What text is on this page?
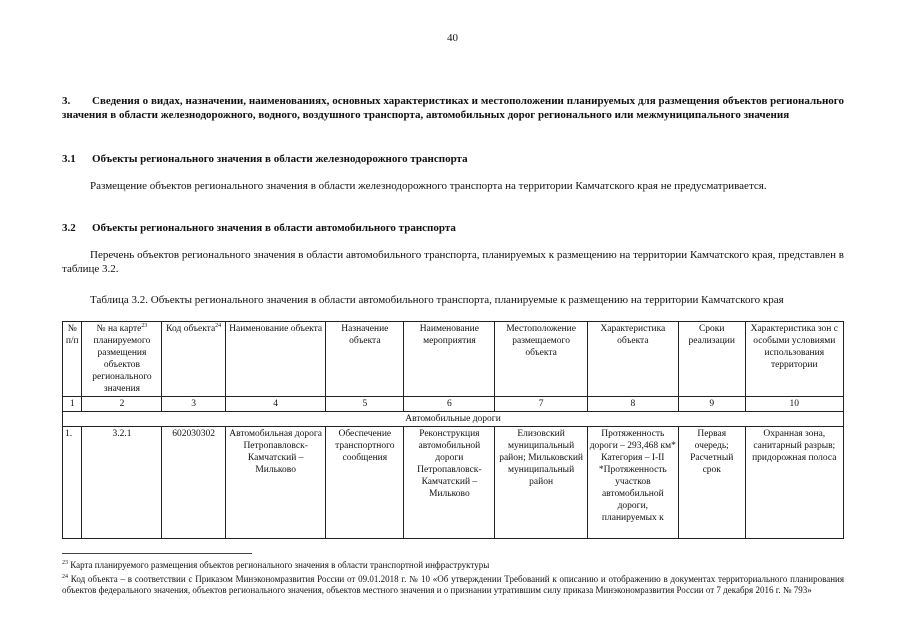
40
3. Сведения о видах, назначении, наименованиях, основных характеристиках и местоположении планируемых для размещения объектов регионального значения в области железнодорожного, водного, воздушного транспорта, автомобильных дорог регионального или межмуниципального значения
3.1 Объекты регионального значения в области железнодорожного транспорта
Размещение объектов регионального значения в области железнодорожного транспорта на территории Камчатского края не предусматривается.
3.2 Объекты регионального значения в области автомобильного транспорта
Перечень объектов регионального значения в области автомобильного транспорта, планируемых к размещению на территории Камчатского края, представлен в таблице 3.2.
Таблица 3.2. Объекты регионального значения в области автомобильного транспорта, планируемые к размещению на территории Камчатского края
№ п/п	№ на карте$^{23}$ планируемого размещения объектов регионального значения	Код объекта$^{24}$	Наименование объекта	Назначение объекта	Наименование мероприятия	Местоположение размещаемого объекта	Характеристика объекта	Сроки реализации	Характеристика зон с особыми условиями использования территории
1	2	3	4	5	6	7	8	9	10
Автомобильные дороги									
1.	3.2.1	602030302	Автомобильная дорога Петропавловск-Камчатский – Мильково	Обеспечение транспортного сообщения	Реконструкция автомобильной дороги Петропавловск-Камчатский – Мильково	Елизовский муниципальный район; Мильковский муниципальный район	Протяженность дороги – 293,468 км* Категория – I-II *Протяженность участков автомобильной дороги, планируемых к	Первая очередь; Расчетный срок	Охранная зона, санитарный разрыв; придорожная полоса
$^{23}$ Карта планируемого размещения объектов регионального значения в области транспортной инфраструктуры
$^{24}$ Код объекта – в соответствии с Приказом Минэкономразвития России от 09.01.2018 г. № 10 «Об утверждении Требований к описанию и отображению в документах территориального планирования объектов федерального значения, объектов регионального значения, объектов местного значения и о признании утратившим силу приказа Минэкономразвития России от 7 декабря 2016 г. № 793»
